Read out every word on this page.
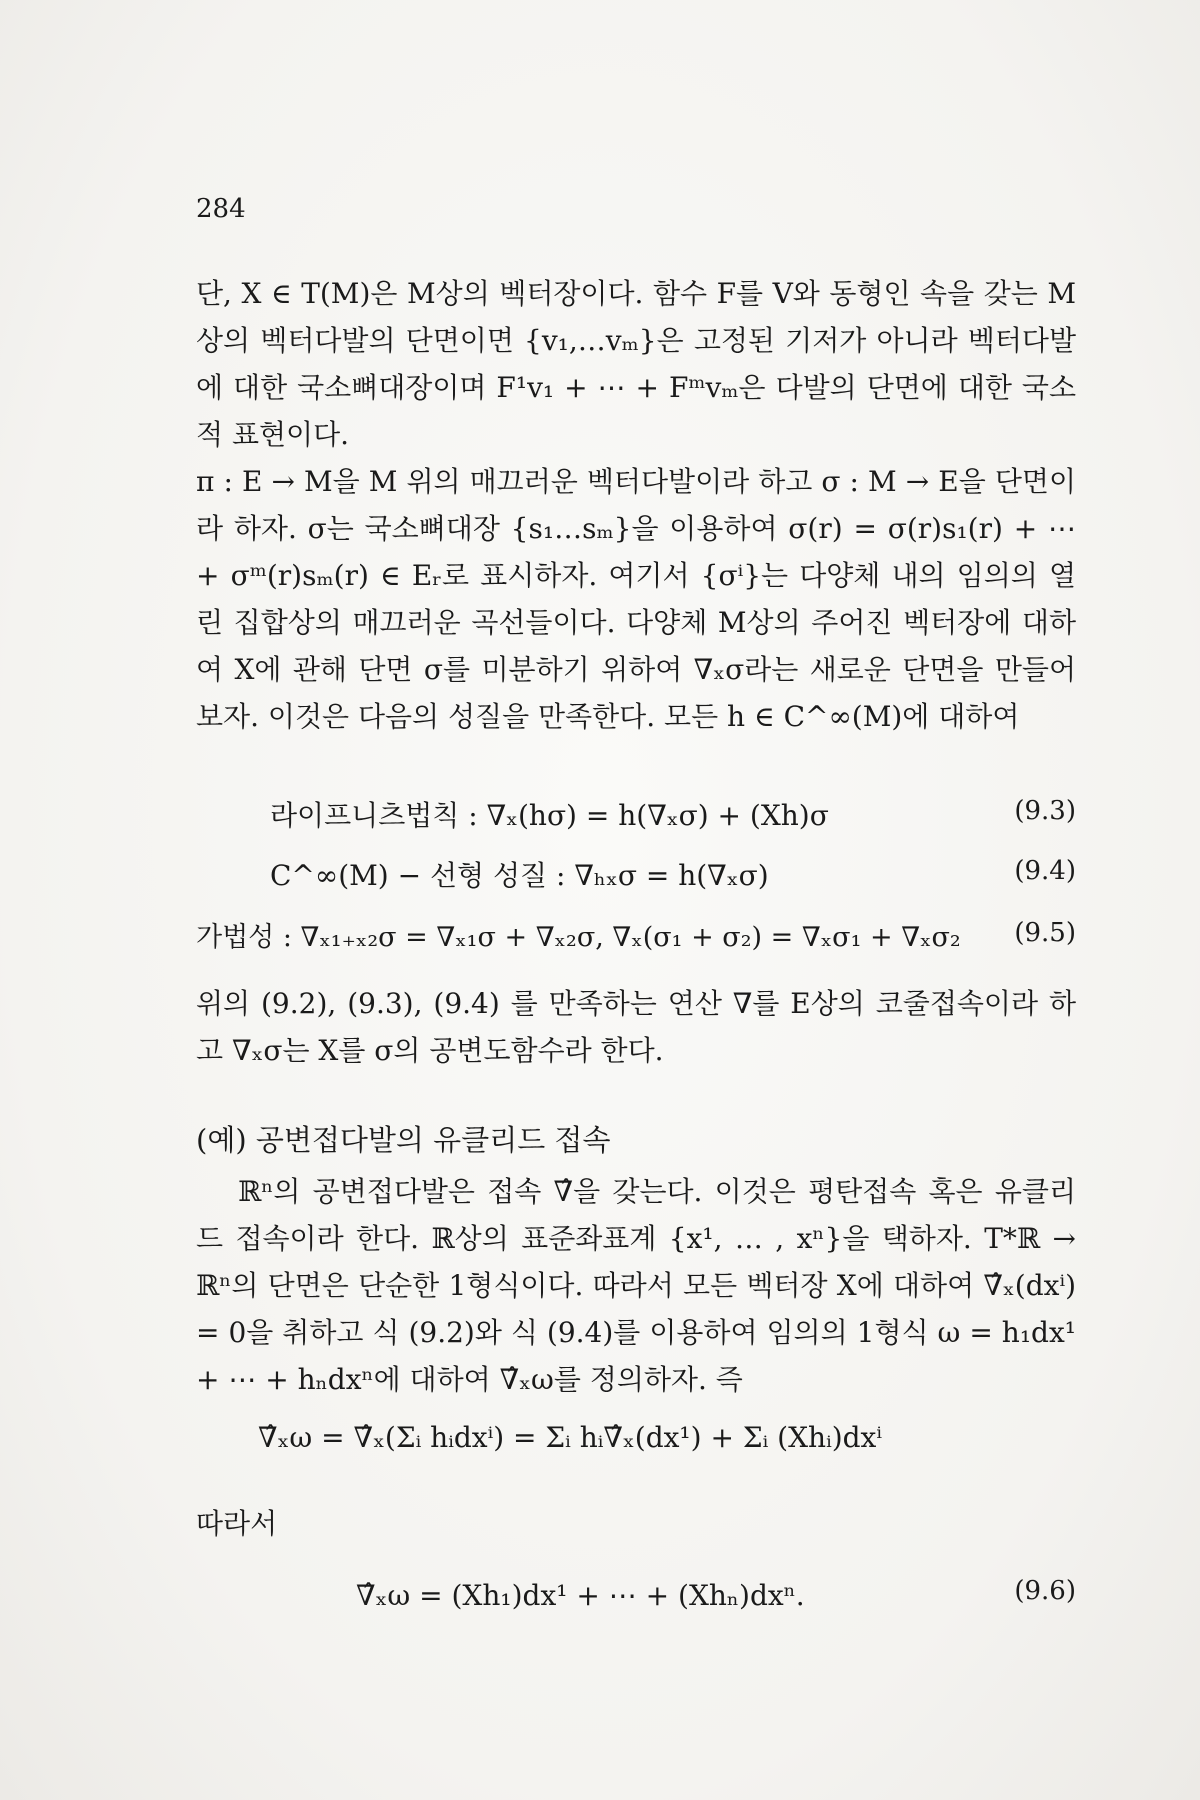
284
단, X ∈ T(M)은 M상의 벡터장이다. 함수 F를 V와 동형인 속을 갖는 M상의 벡터다발의 단면이면 {v₁,…vₘ}은 고정된 기저가 아니라 벡터다발에 대한 국소뼈대장이며 F¹v₁ + ⋯ + Fᵐvₘ은 다발의 단면에 대한 국소적 표현이다.
π : E → M을 M 위의 매끄러운 벡터다발이라 하고 σ : M → E을 단면이라 하자. σ는 국소뼈대장 {s₁…sₘ}을 이용하여 σ(r) = σ(r)s₁(r) + ⋯ + σᵐ(r)sₘ(r) ∈ Eᵣ로 표시하자. 여기서 {σⁱ}는 다양체 내의 임의의 열린 집합상의 매끄러운 곡선들이다. 다양체 M상의 주어진 벡터장에 대하여 X에 관해 단면 σ를 미분하기 위하여 ∇ₓσ라는 새로운 단면을 만들어 보자. 이것은 다음의 성질을 만족한다. 모든 h ∈ C^∞(M)에 대하여
라이프니츠법칙 : ∇ₓ(hσ) = h(∇ₓσ) + (Xh)σ	(9.3)
C^∞(M) − 선형 성질 : ∇ₕₓσ = h(∇ₓσ)	(9.4)
가법성 : ∇ₓ₁₊ₓ₂σ = ∇ₓ₁σ + ∇ₓ₂σ, ∇ₓ(σ₁ + σ₂) = ∇ₓσ₁ + ∇ₓσ₂ (9.5)
위의 (9.2), (9.3), (9.4) 를 만족하는 연산 ∇를 E상의 코줄접속이라 하고 ∇ₓσ는 X를 σ의 공변도함수라 한다.
(예) 공변접다발의 유클리드 접속
ℝⁿ의 공변접다발은 접속 ∇̂을 갖는다. 이것은 평탄접속 혹은 유클리드 접속이라 한다. ℝ상의 표준좌표계 {x¹, … , xⁿ}을 택하자. T*ℝ → ℝⁿ의 단면은 단순한 1형식이다. 따라서 모든 벡터장 X에 대하여 ∇̂ₓ(dxⁱ) = 0을 취하고 식 (9.2)와 식 (9.4)를 이용하여 임의의 1형식 ω = h₁dx¹ + ⋯ + hₙdxⁿ에 대하여 ∇̂ₓω를 정의하자. 즉
∇̂ₓω = ∇̂ₓ(Σᵢ hᵢdxⁱ) = Σᵢ hᵢ∇̂ₓ(dx¹) + Σᵢ (Xhᵢ)dxⁱ
따라서
∇̂ₓω = (Xh₁)dx¹ + ⋯ + (Xhₙ)dxⁿ.	(9.6)
